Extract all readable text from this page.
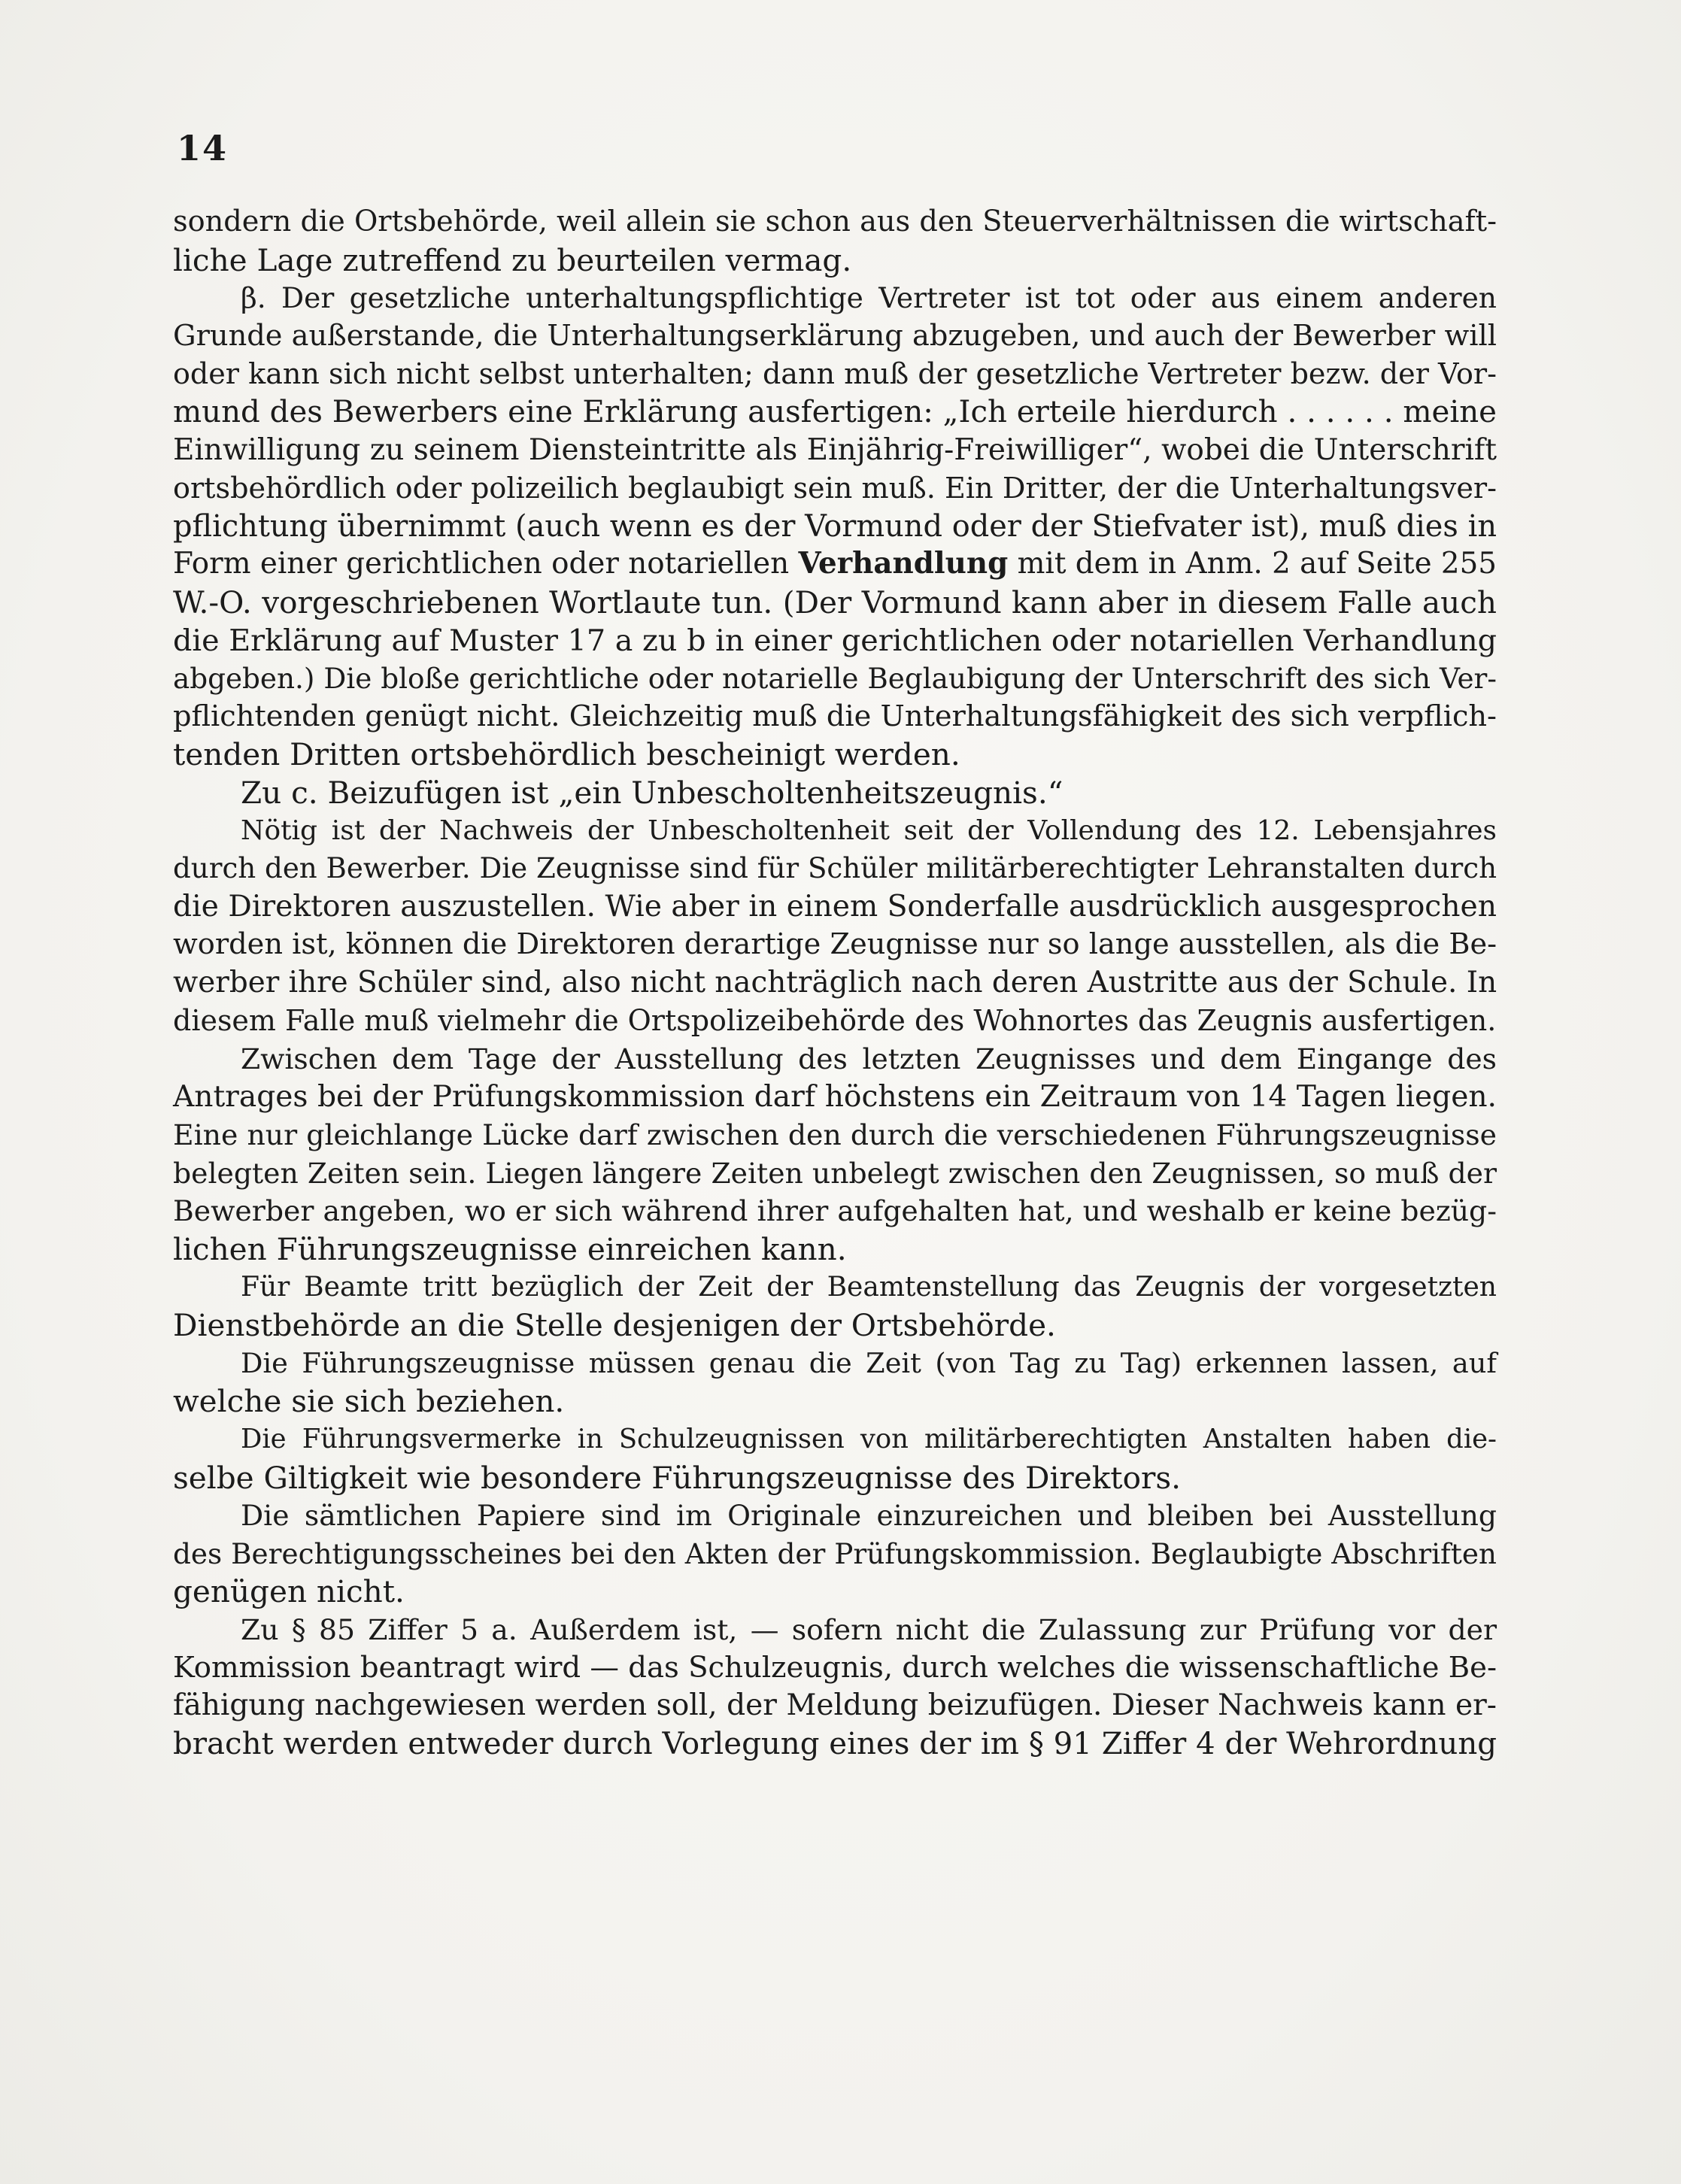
14
sondern die Ortsbehörde, weil allein sie schon aus den Steuerverhältnissen die wirtschaft-
liche Lage zutreffend zu beurteilen vermag.
β. Der gesetzliche unterhaltungspflichtige Vertreter ist tot oder aus einem anderen
Grunde außerstande, die Unterhaltungserklärung abzugeben, und auch der Bewerber will
oder kann sich nicht selbst unterhalten; dann muß der gesetzliche Vertreter bezw. der Vor-
mund des Bewerbers eine Erklärung ausfertigen: „Ich erteile hierdurch . . . . . . meine
Einwilligung zu seinem Diensteintritte als Einjährig-Freiwilliger“, wobei die Unterschrift
ortsbehördlich oder polizeilich beglaubigt sein muß. Ein Dritter, der die Unterhaltungsver-
pflichtung übernimmt (auch wenn es der Vormund oder der Stiefvater ist), muß dies in
Form einer gerichtlichen oder notariellen Verhandlung mit dem in Anm. 2 auf Seite 255
W.-O. vorgeschriebenen Wortlaute tun. (Der Vormund kann aber in diesem Falle auch
die Erklärung auf Muster 17 a zu b in einer gerichtlichen oder notariellen Verhandlung
abgeben.) Die bloße gerichtliche oder notarielle Beglaubigung der Unterschrift des sich Ver-
pflichtenden genügt nicht. Gleichzeitig muß die Unterhaltungsfähigkeit des sich verpflich-
tenden Dritten ortsbehördlich bescheinigt werden.
Zu c. Beizufügen ist „ein Unbescholtenheitszeugnis.“
Nötig ist der Nachweis der Unbescholtenheit seit der Vollendung des 12. Lebensjahres
durch den Bewerber. Die Zeugnisse sind für Schüler militärberechtigter Lehranstalten durch
die Direktoren auszustellen. Wie aber in einem Sonderfalle ausdrücklich ausgesprochen
worden ist, können die Direktoren derartige Zeugnisse nur so lange ausstellen, als die Be-
werber ihre Schüler sind, also nicht nachträglich nach deren Austritte aus der Schule. In
diesem Falle muß vielmehr die Ortspolizeibehörde des Wohnortes das Zeugnis ausfertigen.
Zwischen dem Tage der Ausstellung des letzten Zeugnisses und dem Eingange des
Antrages bei der Prüfungskommission darf höchstens ein Zeitraum von 14 Tagen liegen.
Eine nur gleichlange Lücke darf zwischen den durch die verschiedenen Führungszeugnisse
belegten Zeiten sein. Liegen längere Zeiten unbelegt zwischen den Zeugnissen, so muß der
Bewerber angeben, wo er sich während ihrer aufgehalten hat, und weshalb er keine bezüg-
lichen Führungszeugnisse einreichen kann.
Für Beamte tritt bezüglich der Zeit der Beamtenstellung das Zeugnis der vorgesetzten
Dienstbehörde an die Stelle desjenigen der Ortsbehörde.
Die Führungszeugnisse müssen genau die Zeit (von Tag zu Tag) erkennen lassen, auf
welche sie sich beziehen.
Die Führungsvermerke in Schulzeugnissen von militärberechtigten Anstalten haben die-
selbe Giltigkeit wie besondere Führungszeugnisse des Direktors.
Die sämtlichen Papiere sind im Originale einzureichen und bleiben bei Ausstellung
des Berechtigungsscheines bei den Akten der Prüfungskommission. Beglaubigte Abschriften
genügen nicht.
Zu § 85 Ziffer 5 a. Außerdem ist, — sofern nicht die Zulassung zur Prüfung vor der
Kommission beantragt wird — das Schulzeugnis, durch welches die wissenschaftliche Be-
fähigung nachgewiesen werden soll, der Meldung beizufügen. Dieser Nachweis kann er-
bracht werden entweder durch Vorlegung eines der im § 91 Ziffer 4 der Wehrordnung
